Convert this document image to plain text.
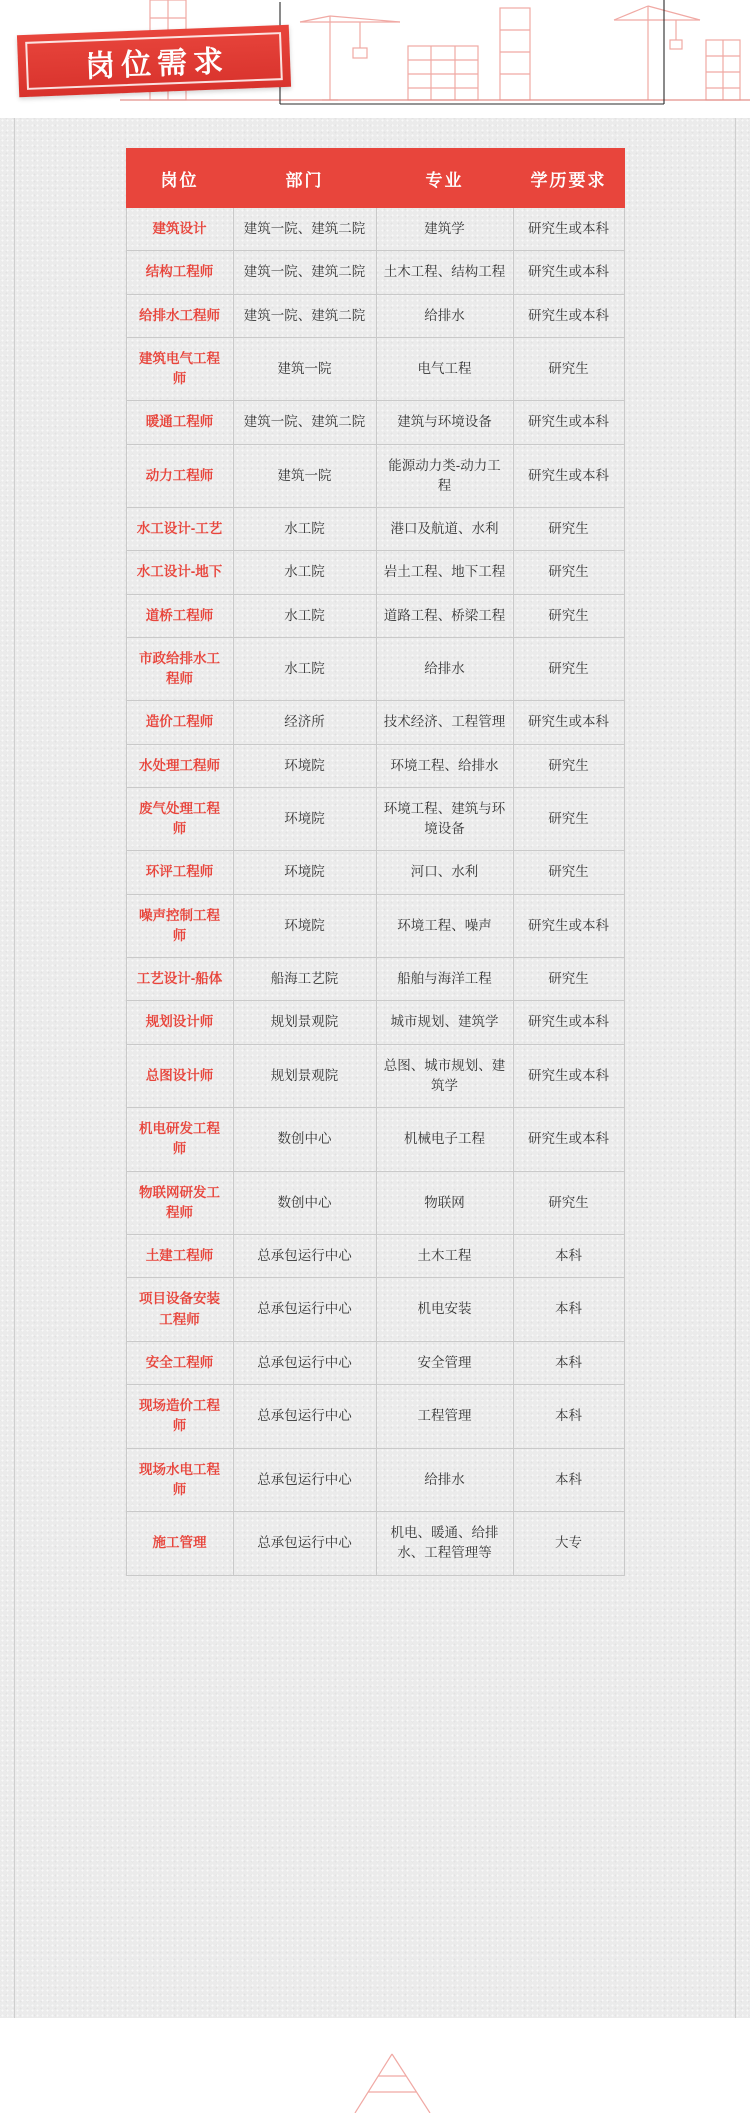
岗位需求
岗位	部门	专业	学历要求
建筑设计	建筑一院、建筑二院	建筑学	研究生或本科
结构工程师	建筑一院、建筑二院	土木工程、结构工程	研究生或本科
给排水工程师	建筑一院、建筑二院	给排水	研究生或本科
建筑电气工程师	建筑一院	电气工程	研究生
暖通工程师	建筑一院、建筑二院	建筑与环境设备	研究生或本科
动力工程师	建筑一院	能源动力类-动力工程	研究生或本科
水工设计-工艺	水工院	港口及航道、水利	研究生
水工设计-地下	水工院	岩土工程、地下工程	研究生
道桥工程师	水工院	道路工程、桥梁工程	研究生
市政给排水工程师	水工院	给排水	研究生
造价工程师	经济所	技术经济、工程管理	研究生或本科
水处理工程师	环境院	环境工程、给排水	研究生
废气处理工程师	环境院	环境工程、建筑与环境设备	研究生
环评工程师	环境院	河口、水利	研究生
噪声控制工程师	环境院	环境工程、噪声	研究生或本科
工艺设计-船体	船海工艺院	船舶与海洋工程	研究生
规划设计师	规划景观院	城市规划、建筑学	研究生或本科
总图设计师	规划景观院	总图、城市规划、建筑学	研究生或本科
机电研发工程师	数创中心	机械电子工程	研究生或本科
物联网研发工程师	数创中心	物联网	研究生
土建工程师	总承包运行中心	土木工程	本科
项目设备安装工程师	总承包运行中心	机电安装	本科
安全工程师	总承包运行中心	安全管理	本科
现场造价工程师	总承包运行中心	工程管理	本科
现场水电工程师	总承包运行中心	给排水	本科
施工管理	总承包运行中心	机电、暖通、给排水、工程管理等	大专
